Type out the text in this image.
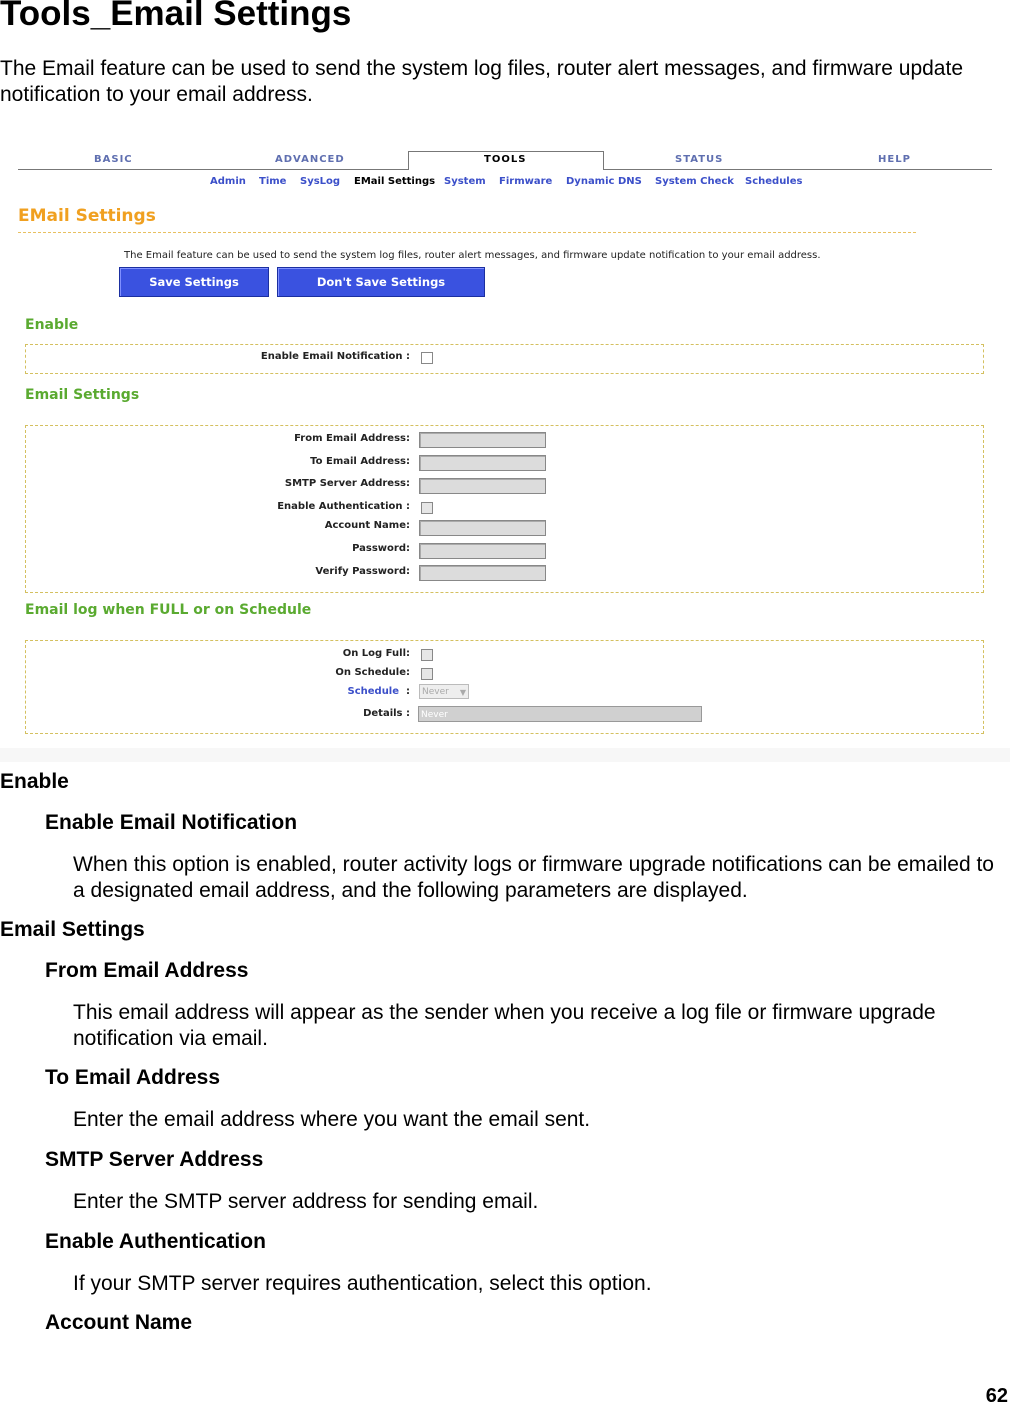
Tools_Email Settings

The Email feature can be used to send the system log files, router alert messages, and firmware update notification to your email address.

BASIC	ADVANCED	TOOLS	STATUS	HELP
Admin Time SysLog EMail Settings System Firmware Dynamic DNS System Check Schedules
EMail Settings
The Email feature can be used to send the system log files, router alert messages, and firmware update notification to your email address.
Save Settings	Don't Save Settings
Enable
Enable Email Notification :
Email Settings
From Email Address:
To Email Address:
SMTP Server Address:
Enable Authentication :
Account Name:
Password:
Verify Password:
Email log when FULL or on Schedule
On Log Full:
On Schedule:
Schedule :	Never ▼
Details :	Never
Enable
Enable Email Notification

When this option is enabled, router activity logs or firmware upgrade notifications can be emailed to a designated email address, and the following parameters are displayed.

Email Settings
From Email Address

This email address will appear as the sender when you receive a log file or firmware upgrade notification via email.

To Email Address

Enter the email address where you want the email sent.

SMTP Server Address

Enter the SMTP server address for sending email.

Enable Authentication

If your SMTP server requires authentication, select this option.

Account Name
62
